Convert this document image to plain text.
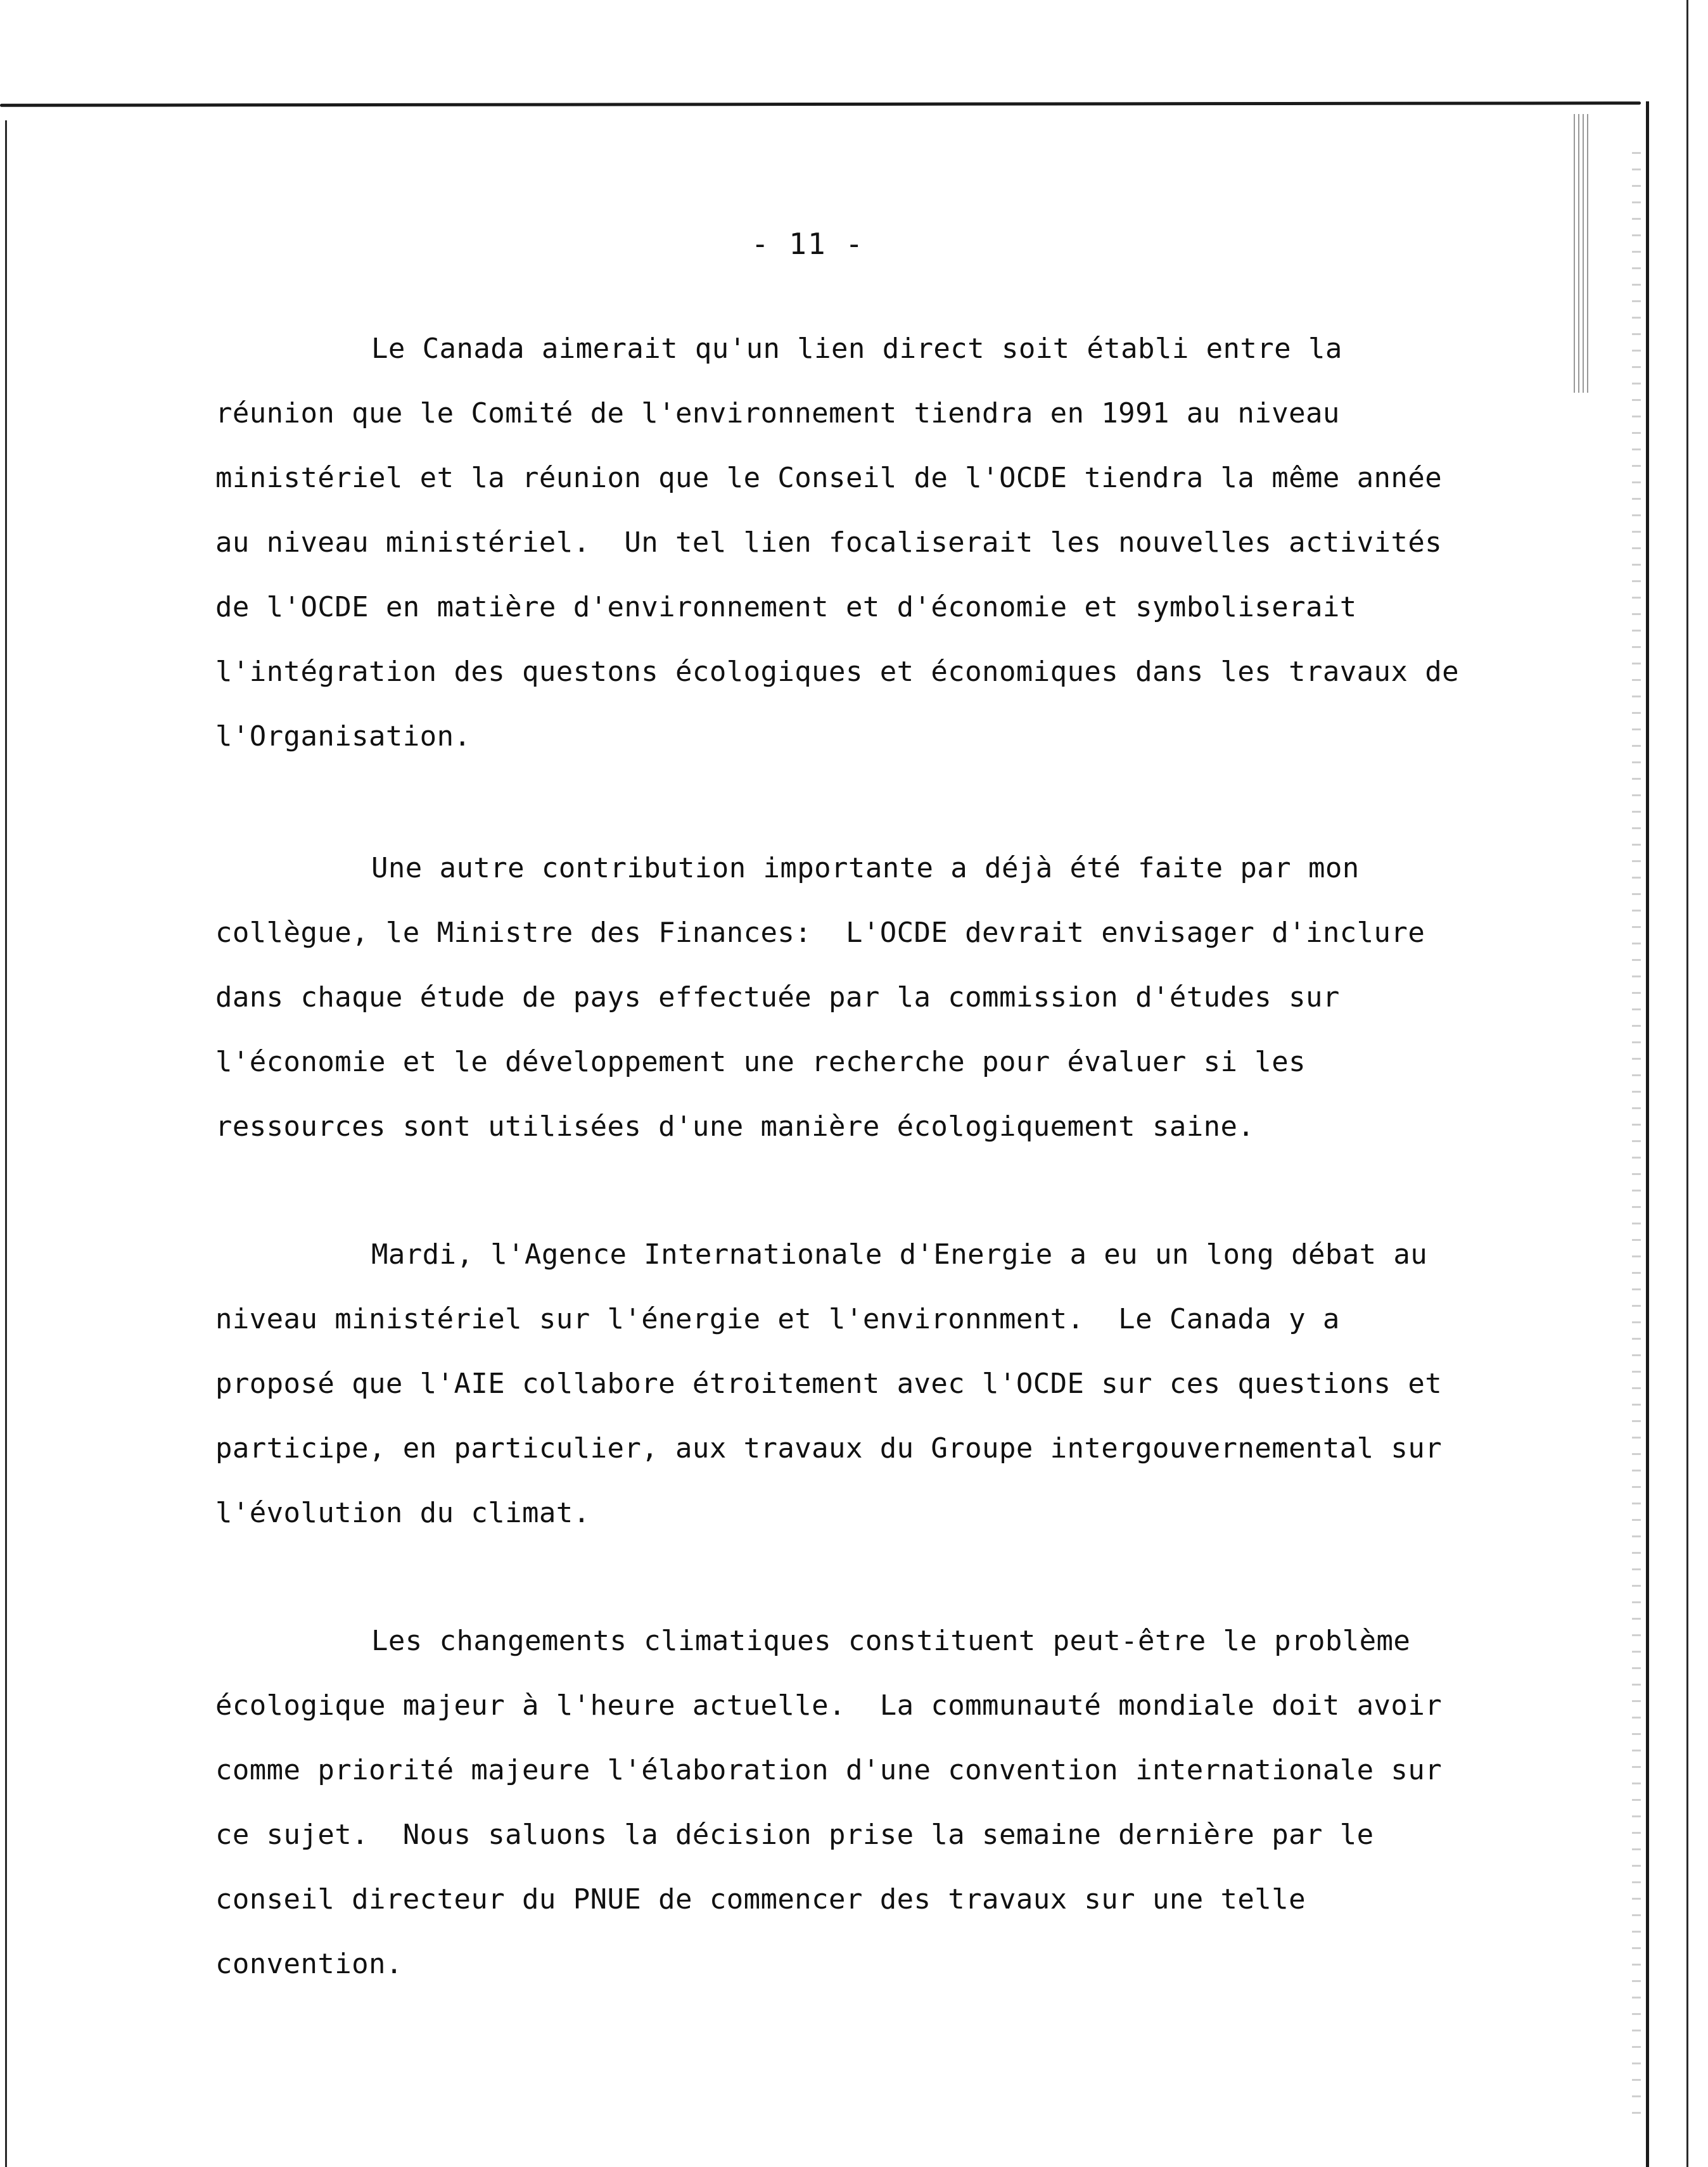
- 11 -
Le Canada aimerait qu'un lien direct soit établi entre la
réunion que le Comité de l'environnement tiendra en 1991 au niveau
ministériel et la réunion que le Conseil de l'OCDE tiendra la même année
au niveau ministériel.  Un tel lien focaliserait les nouvelles activités
de l'OCDE en matière d'environnement et d'économie et symboliserait
l'intégration des questons écologiques et économiques dans les travaux de
l'Organisation.
Une autre contribution importante a déjà été faite par mon
collègue, le Ministre des Finances:  L'OCDE devrait envisager d'inclure
dans chaque étude de pays effectuée par la commission d'études sur
l'économie et le développement une recherche pour évaluer si les
ressources sont utilisées d'une manière écologiquement saine.
Mardi, l'Agence Internationale d'Energie a eu un long débat au
niveau ministériel sur l'énergie et l'environnment.  Le Canada y a
proposé que l'AIE collabore étroitement avec l'OCDE sur ces questions et
participe, en particulier, aux travaux du Groupe intergouvernemental sur
l'évolution du climat.
Les changements climatiques constituent peut-être le problème
écologique majeur à l'heure actuelle.  La communauté mondiale doit avoir
comme priorité majeure l'élaboration d'une convention internationale sur
ce sujet.  Nous saluons la décision prise la semaine dernière par le
conseil directeur du PNUE de commencer des travaux sur une telle
convention.
